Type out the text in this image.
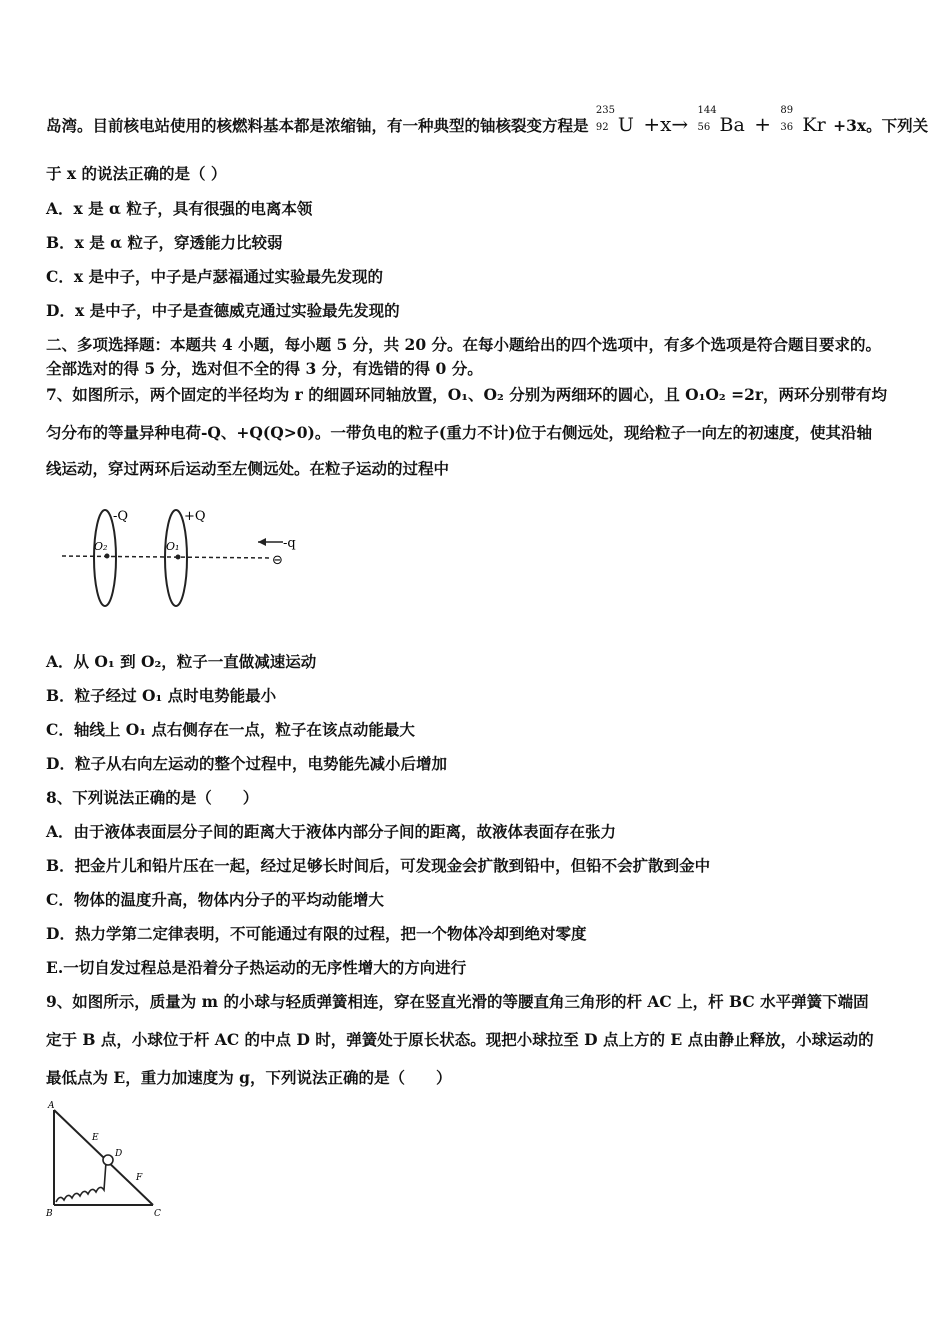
岛湾。目前核电站使用的核燃料基本都是浓缩铀，有一种典型的铀核裂变方程是
235
92 U +x→
144
56 Ba +
89
36 Kr +3x。下列关
于 x 的说法正确的是（ ）
A．x 是 α 粒子，具有很强的电离本领
B．x 是 α 粒子，穿透能力比较弱
C．x 是中子，中子是卢瑟福通过实验最先发现的
D．x 是中子，中子是查德威克通过实验最先发现的
二、多项选择题：本题共 4 小题，每小题 5 分，共 20 分。在每小题给出的四个选项中，有多个选项是符合题目要求的。
全部选对的得 5 分，选对但不全的得 3 分，有选错的得 0 分。
7、如图所示，两个固定的半径均为 r 的细圆环同轴放置，O₁、O₂ 分别为两细环的圆心，且 O₁O₂ =2r，两环分别带有均
匀分布的等量异种电荷-Q、+Q(Q>0)。一带负电的粒子(重力不计)位于右侧远处，现给粒子一向左的初速度，使其沿轴
线运动，穿过两环后运动至左侧远处。在粒子运动的过程中
-Q	+Q
O₂	O₁	-q
⊖
A．从 O₁ 到 O₂，粒子一直做减速运动
B．粒子经过 O₁ 点时电势能最小
C．轴线上 O₁ 点右侧存在一点，粒子在该点动能最大
D．粒子从右向左运动的整个过程中，电势能先减小后增加
8、下列说法正确的是（　　）
A．由于液体表面层分子间的距离大于液体内部分子间的距离，故液体表面存在张力
B．把金片儿和铅片压在一起，经过足够长时间后，可发现金会扩散到铅中，但铅不会扩散到金中
C．物体的温度升高，物体内分子的平均动能增大
D．热力学第二定律表明，不可能通过有限的过程，把一个物体冷却到绝对零度
E.一切自发过程总是沿着分子热运动的无序性增大的方向进行
9、如图所示，质量为 m 的小球与轻质弹簧相连，穿在竖直光滑的等腰直角三角形的杆 AC 上，杆 BC 水平弹簧下端固
定于 B 点，小球位于杆 AC 的中点 D 时，弹簧处于原长状态。现把小球拉至 D 点上方的 E 点由静止释放，小球运动的
最低点为 E，重力加速度为 g，下列说法正确的是（　　）
A
B	C
D
E
F
